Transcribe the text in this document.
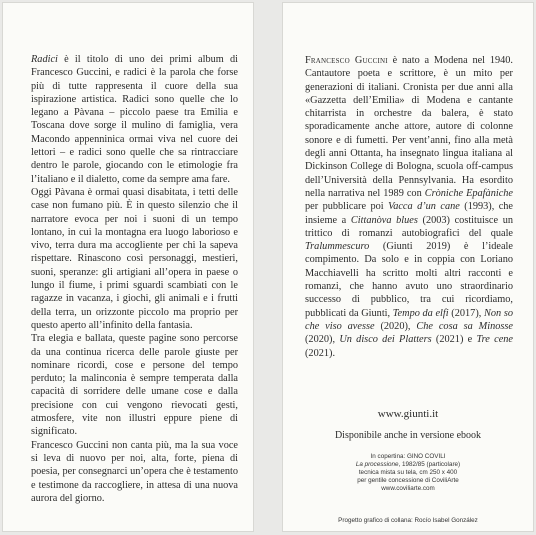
Radici è il titolo di uno dei primi album di Francesco Guccini, e radici è la parola che forse più di tutte rappresenta il cuore della sua ispirazione artistica. Radici sono quelle che lo legano a Pàvana – piccolo paese tra Emilia e Toscana dove sorge il mulino di famiglia, vera Macondo appenninica ormai viva nel cuore dei lettori – e radici sono quelle che sa rintracciare dentro le parole, giocando con le etimologie fra l’italiano e il dialetto, come da sempre ama fare.

Oggi Pàvana è ormai quasi disabitata, i tetti delle case non fumano più. È in questo silenzio che il narratore evoca per noi i suoni di un tempo lontano, in cui la montagna era luogo laborioso e vivo, terra dura ma accogliente per chi la sapeva rispettare. Rinascono così personaggi, mestieri, suoni, speranze: gli artigiani all’opera in paese o lungo il fiume, i primi sguardi scambiati con le ragazze in vacanza, i giochi, gli animali e i frutti della terra, un orizzonte piccolo ma proprio per questo aperto all’infinito della fantasia.

Tra elegia e ballata, queste pagine sono percorse da una continua ricerca delle parole giuste per nominare ricordi, cose e persone del tempo perduto; la malinconia è sempre temperata dalla capacità di sorridere delle umane cose e dalla precisione con cui vengono rievocati gesti, atmosfere, vite non illustri eppure piene di significato.

Francesco Guccini non canta più, ma la sua voce si leva di nuovo per noi, alta, forte, piena di poesia, per consegnarci un’opera che è testamento e testimone da raccogliere, in attesa di una nuova aurora del giorno.

Francesco Guccini è nato a Modena nel 1940. Cantautore poeta e scrittore, è un mito per generazioni di italiani. Cronista per due anni alla «Gazzetta dell’Emilia» di Modena e cantante chitarrista in orchestre da balera, è stato sporadicamente anche attore, autore di colonne sonore e di fumetti. Per vent’anni, fino alla metà degli anni Ottanta, ha insegnato lingua italiana al Dickinson College di Bologna, scuola off-campus dell’Università della Pennsylvania. Ha esordito nella narrativa nel 1989 con Cròniche Epafàniche per pubblicare poi Vacca d’un cane (1993), che insieme a Cittanòva blues (2003) costituisce un trittico di romanzi autobiografici del quale Tralummescuro (Giunti 2019) è l’ideale compimento. Da solo e in coppia con Loriano Macchiavelli ha scritto molti altri racconti e romanzi, che hanno avuto uno straordinario successo di pubblico, tra cui ricordiamo, pubblicati da Giunti, Tempo da elfi (2017), Non so che viso avesse (2020), Che cosa sa Minosse (2020), Un disco dei Platters (2021) e Tre cene (2021).

www.giunti.it
Disponibile anche in versione ebook
In copertina: GINO COVILI
La processione, 1982/85 (particolare)
tecnica mista su tela, cm 250 x 400
per gentile concessione di CoviliArte
www.coviliarte.com
Progetto grafico di collana: Rocío Isabel González
